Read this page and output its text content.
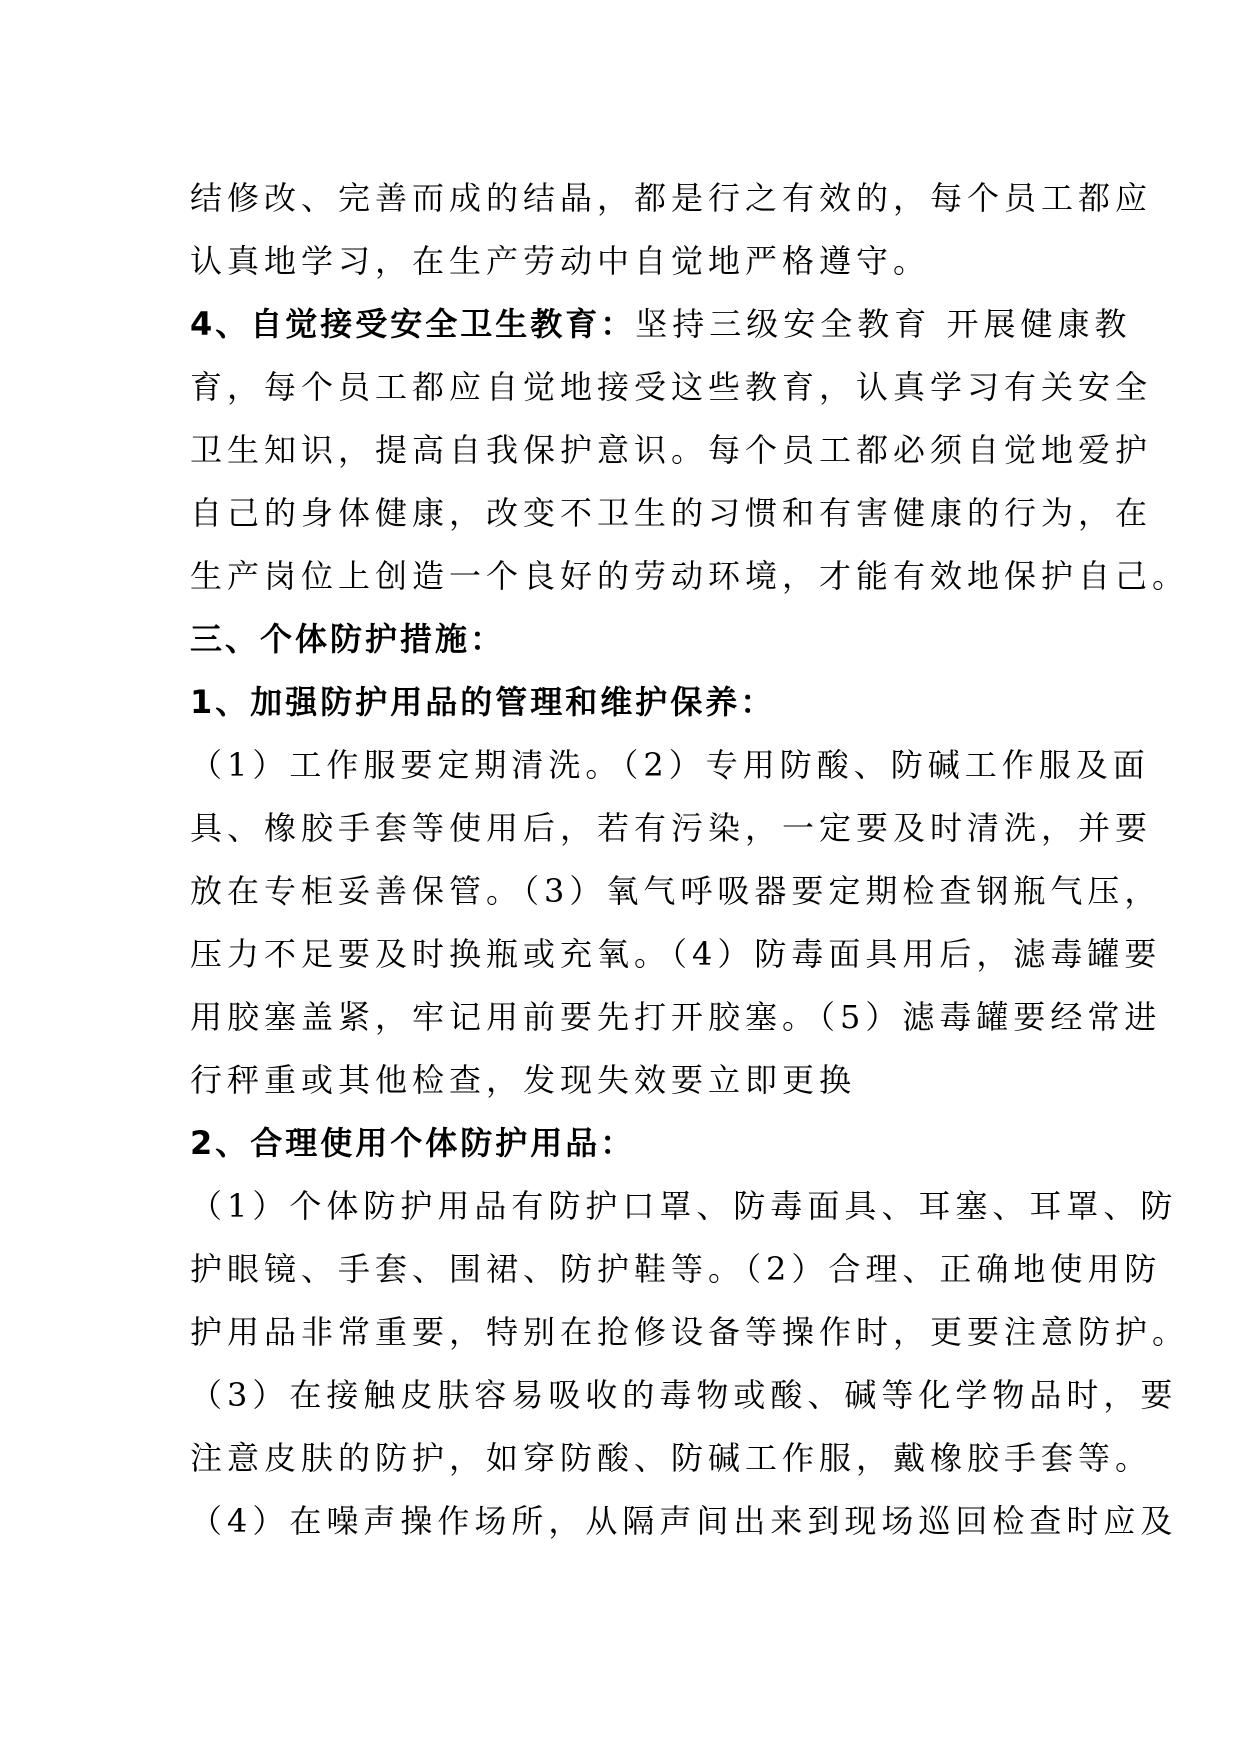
结修改、完善而成的结晶，都是行之有效的，每个员工都应
认真地学习，在生产劳动中自觉地严格遵守。
4、自觉接受安全卫生教育：坚持三级安全教育 开展健康教
育，每个员工都应自觉地接受这些教育，认真学习有关安全
卫生知识，提高自我保护意识。每个员工都必须自觉地爱护
自己的身体健康，改变不卫生的习惯和有害健康的行为，在
生产岗位上创造一个良好的劳动环境，才能有效地保护自己。
三、个体防护措施：
1、加强防护用品的管理和维护保养：
（1）工作服要定期清洗。（2）专用防酸、防碱工作服及面
具、橡胶手套等使用后，若有污染，一定要及时清洗，并要
放在专柜妥善保管。（3）氧气呼吸器要定期检查钢瓶气压，
压力不足要及时换瓶或充氧。（4）防毒面具用后，滤毒罐要
用胶塞盖紧，牢记用前要先打开胶塞。（5）滤毒罐要经常进
行秤重或其他检查，发现失效要立即更换
2、合理使用个体防护用品：
（1）个体防护用品有防护口罩、防毒面具、耳塞、耳罩、防
护眼镜、手套、围裙、防护鞋等。（2）合理、正确地使用防
护用品非常重要，特别在抢修设备等操作时，更要注意防护。
（3）在接触皮肤容易吸收的毒物或酸、碱等化学物品时，要
注意皮肤的防护，如穿防酸、防碱工作服，戴橡胶手套等。
（4）在噪声操作场所，从隔声间出来到现场巡回检查时应及
